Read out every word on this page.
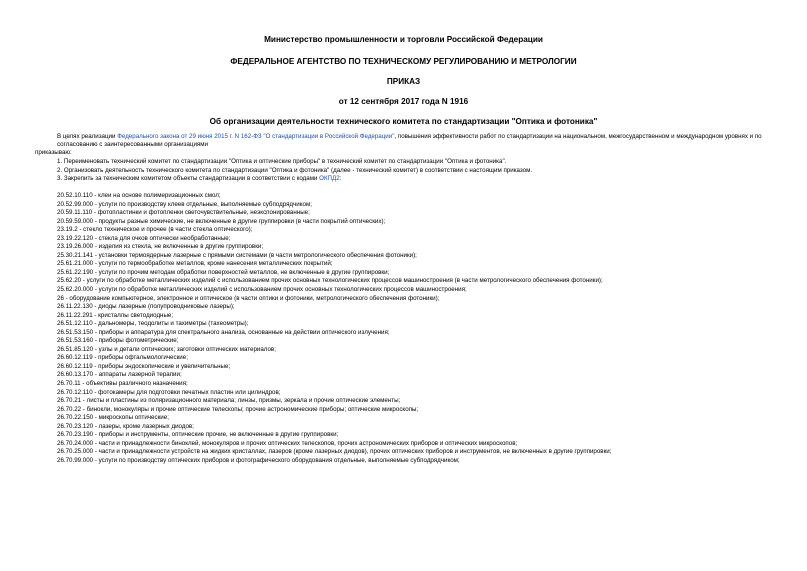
Министерство промышленности и торговли Российской Федерации
ФЕДЕРАЛЬНОЕ АГЕНТСТВО ПО ТЕХНИЧЕСКОМУ РЕГУЛИРОВАНИЮ И МЕТРОЛОГИИ
ПРИКАЗ
от 12 сентября 2017 года N 1916
Об организации деятельности технического комитета по стандартизации "Оптика и фотоника"
В целях реализации Федерального закона от 29 июня 2015 г. N 162-ФЗ "О стандартизации в Российской Федерации", повышения эффективности работ по стандартизации на национальном, межгосударственном и международном уровнях и по согласованию с заинтересованными организациями
приказываю:
1. Переименовать технический комитет по стандартизации "Оптика и оптические приборы" в технический комитет по стандартизации "Оптика и фотоника".
2. Организовать деятельность технического комитета по стандартизации "Оптика и фотоника" (далее - технический комитет) в соответствии с настоящим приказом.
3. Закрепить за техническим комитетом объекты стандартизации в соответствии с кодами ОКПД2:
20.52.10.110 - клеи на основе полимеризационных смол;
20.52.99.000 - услуги по производству клеев отдельные, выполняемые субподрядчиком;
20.59.11.110 - фотопластинки и фотопленки светочувствительные, неэкспонированные;
20.59.59.000 - продукты разные химические, не включенные в другие группировки (в части покрытий оптических);
23.19.2 - стекло техническое и прочее (в части стекла оптического);
23.19.22.120 - стекла для очков оптически необработанные;
23.19.26.000 - изделия из стекла, не включенные в другие группировки;
25.30.21.141 - установки термоядерные лазерные с прямыми системами (в части метрологического обеспечения фотоники);
25.61.21.000 - услуги по термообработке металлов, кроме нанесения металлических покрытий;
25.61.22.190 - услуги по прочим методам обработки поверхностей металлов, не включенные в другие группировки;
25.62.20 - услуги по обработке металлических изделий с использованием прочих основных технологических процессов машиностроения (в части метрологического обеспечения фотоники);
25.62.20.000 - услуги по обработке металлических изделий с использованием прочих основных технологических процессов машиностроения;
26 - оборудование компьютерное, электронное и оптическое (в части оптики и фотоники, метрологического обеспечения фотоники);
26.11.22.130 - диоды лазерные (полупроводниковые лазеры);
26.11.22.291 - кристаллы светодиодные;
26.51.12.110 - дальномеры, теодолиты и тахиметры (тахеометры);
26.51.53.150 - приборы и аппаратура для спектрального анализа, основанные на действии оптического излучения;
26.51.53.160 - приборы фотометрические;
26.51.85.120 - узлы и детали оптических; заготовки оптических материалов;
26.60.12.119 - приборы офтальмологические;
26.60.12.119 - приборы эндоскопические и увеличительные;
26.60.13.170 - аппараты лазерной терапии;
26.70.11 - объективы различного назначения;
26.70.12.110 - фотокамеры для подготовки печатных пластин или цилиндров;
26.70.21 - листы и пластины из поляризационного материала; линзы, призмы, зеркала и прочие оптические элементы;
26.70.22 - бинокли, монокуляры и прочие оптические телескопы; прочие астрономические приборы; оптические микроскопы;
26.70.22.150 - микроскопы оптические;
26.70.23.120 - лазеры, кроме лазерных диодов;
26.70.23.190 - приборы и инструменты, оптические прочие, не включенные в другие группировки;
26.70.24.000 - части и принадлежности биноклей, монокуляров и прочих оптических телескопов, прочих астрономических приборов и оптических микроскопов;
26.70.25.000 - части и принадлежности устройств на жидких кристаллах, лазеров (кроме лазерных диодов), прочих оптических приборов и инструментов, не включенных в другие группировки;
26.70.99.000 - услуги по производству оптических приборов и фотографического оборудования отдельные, выполняемые субподрядчиком;
